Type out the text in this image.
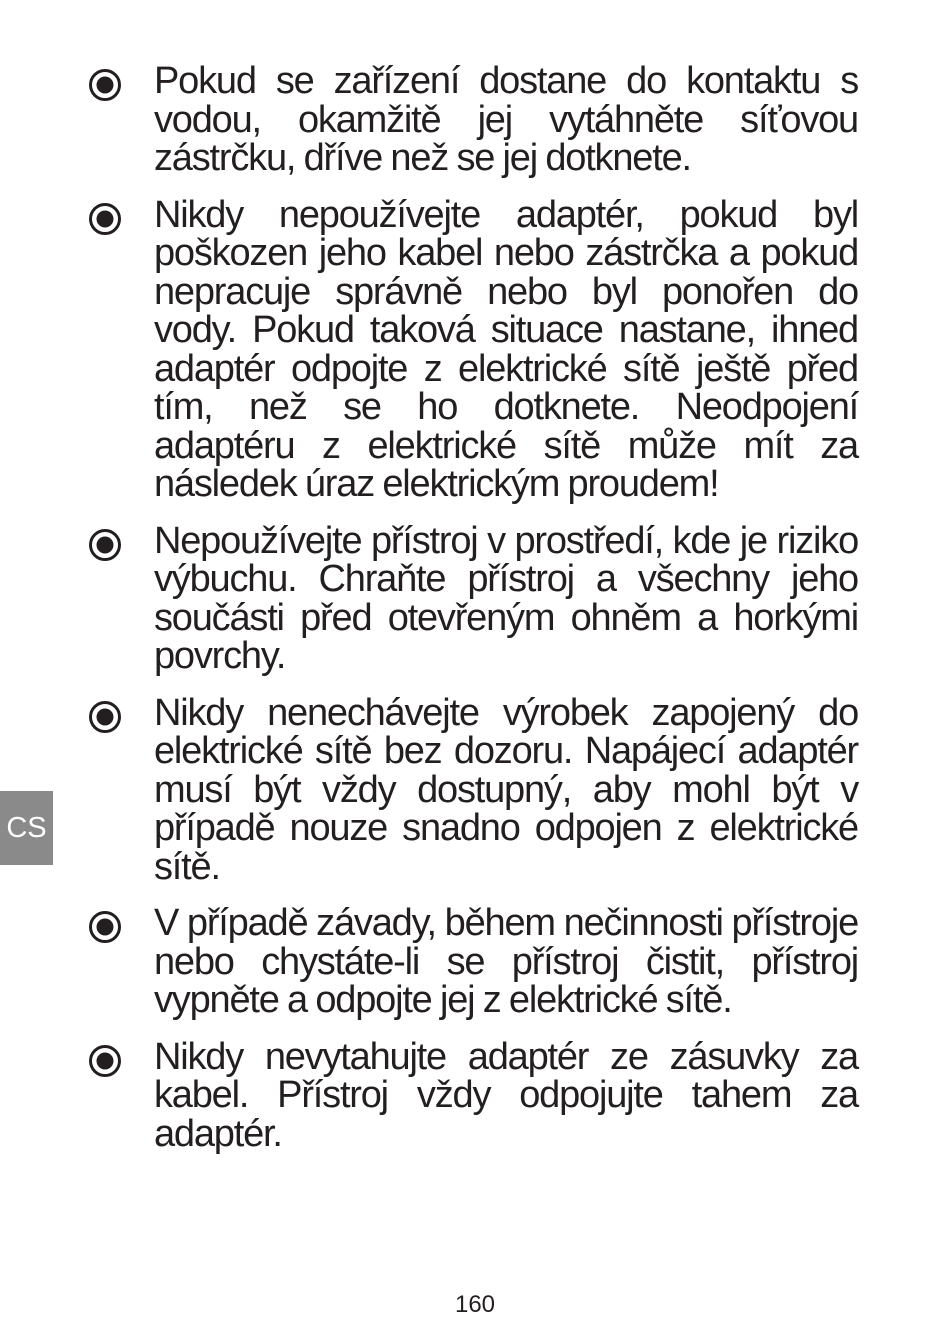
Pokud se zařízení dostane do kontaktu s vodou, okamžitě jej vytáhněte síťovou zástrčku, dříve než se jej dotknete.
Nikdy nepoužívejte adaptér, pokud byl poškozen jeho kabel nebo zástrčka a pokud nepracuje správně nebo byl ponořen do vody. Pokud taková situace nastane, ihned adaptér odpojte z elektrické sítě ještě před tím, než se ho dotknete. Neodpojení adaptéru z elektrické sítě může mít za následek úraz elektrickým proudem!
Nepoužívejte přístroj v prostředí, kde je riziko výbuchu. Chraňte přístroj a všechny jeho součásti před otevřeným ohněm a horkými povrchy.
Nikdy nenechávejte výrobek zapojený do elektrické sítě bez dozoru. Napájecí adaptér musí být vždy dostupný, aby mohl být v případě nouze snadno odpojen z elektrické sítě.
V případě závady, během nečinnosti přístroje nebo chystáte-li se přístroj čistit, přístroj vypněte a odpojte jej z elektrické sítě.
Nikdy nevytahujte adaptér ze zásuvky za kabel. Přístroj vždy odpojujte tahem za adaptér.
CS
160
